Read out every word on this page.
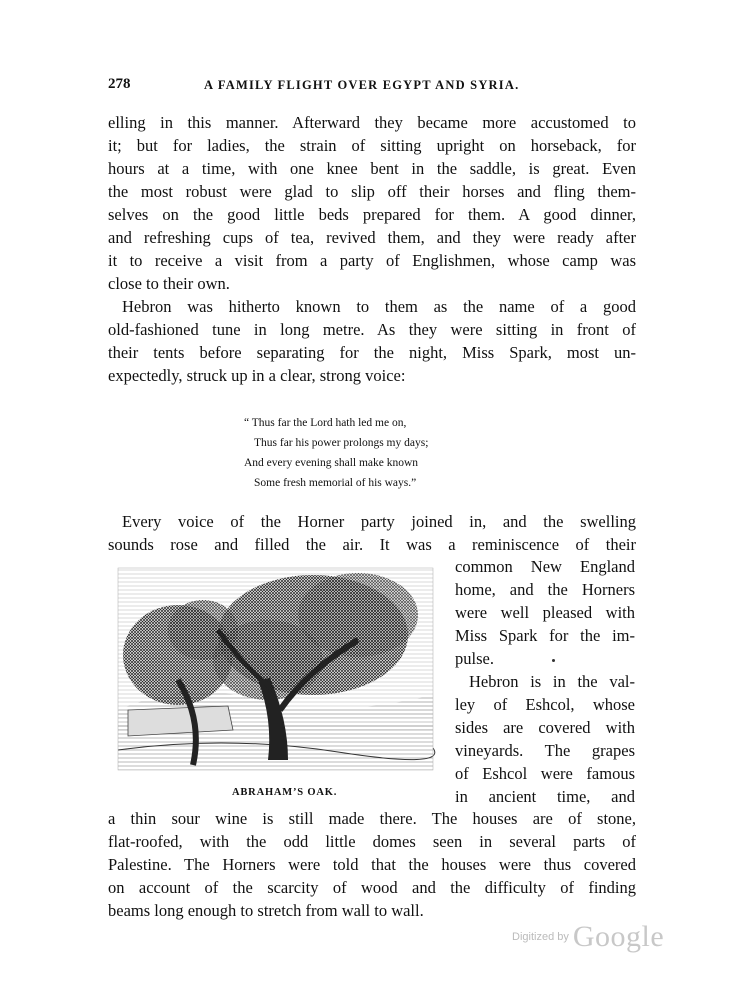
278	A FAMILY FLIGHT OVER EGYPT AND SYRIA.
elling in this manner. Afterward they became more accustomed to
it; but for ladies, the strain of sitting upright on horseback, for
hours at a time, with one knee bent in the saddle, is great. Even
the most robust were glad to slip off their horses and fling them-
selves on the good little beds prepared for them. A good dinner,
and refreshing cups of tea, revived them, and they were ready after
it to receive a visit from a party of Englishmen, whose camp was
close to their own.
Hebron was hitherto known to them as the name of a good
old-fashioned tune in long metre. As they were sitting in front of
their tents before separating for the night, Miss Spark, most un-
expectedly, struck up in a clear, strong voice:
“ Thus far the Lord hath led me on,
Thus far his power prolongs my days;
And every evening shall make known
Some fresh memorial of his ways.”
Every voice of the Horner party joined in, and the swelling
sounds rose and filled the air. It was a reminiscence of their
ABRAHAM’S OAK.
common New England
home, and the Horners
were well pleased with
Miss Spark for the im-
pulse.
Hebron is in the val-
ley of Eshcol, whose
sides are covered with
vineyards. The grapes
of Eshcol were famous
in ancient time, and
a thin sour wine is still made there. The houses are of stone,
flat-roofed, with the odd little domes seen in several parts of
Palestine. The Horners were told that the houses were thus covered
on account of the scarcity of wood and the difficulty of finding
beams long enough to stretch from wall to wall.
Digitized by Google
